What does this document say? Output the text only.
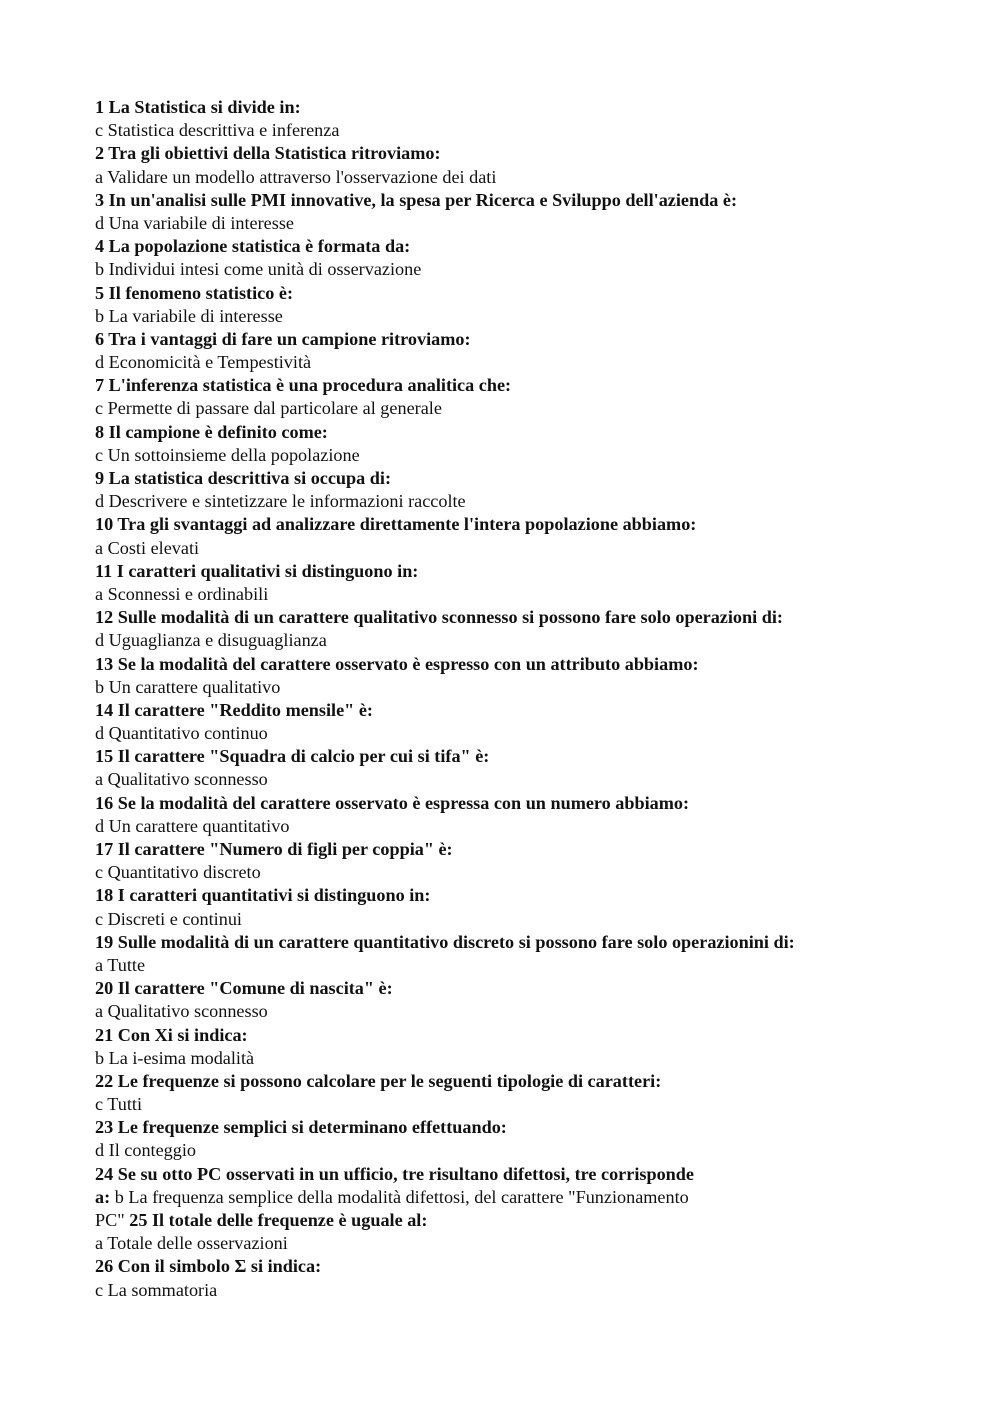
1 La Statistica si divide in:
c Statistica descrittiva e inferenza
2 Tra gli obiettivi della Statistica ritroviamo:
a Validare un modello attraverso l'osservazione dei dati
3 In un'analisi sulle PMI innovative, la spesa per Ricerca e Sviluppo dell'azienda è:
d Una variabile di interesse
4 La popolazione statistica è formata da:
b Individui intesi come unità di osservazione
5 Il fenomeno statistico è:
b La variabile di interesse
6 Tra i vantaggi di fare un campione ritroviamo:
d Economicità e Tempestività
7 L'inferenza statistica è una procedura analitica che:
c Permette di passare dal particolare al generale
8 Il campione è definito come:
c Un sottoinsieme della popolazione
9 La statistica descrittiva si occupa di:
d Descrivere e sintetizzare le informazioni raccolte
10 Tra gli svantaggi ad analizzare direttamente l'intera popolazione abbiamo:
a Costi elevati
11 I caratteri qualitativi si distinguono in:
a Sconnessi e ordinabili
12 Sulle modalità di un carattere qualitativo sconnesso si possono fare solo operazioni di:
d Uguaglianza e disuguaglianza
13 Se la modalità del carattere osservato è espresso con un attributo abbiamo:
b Un carattere qualitativo
14 Il carattere "Reddito mensile" è:
d Quantitativo continuo
15 Il carattere "Squadra di calcio per cui si tifa" è:
a Qualitativo sconnesso
16 Se la modalità del carattere osservato è espressa con un numero abbiamo:
d Un carattere quantitativo
17 Il carattere "Numero di figli per coppia" è:
c Quantitativo discreto
18 I caratteri quantitativi si distinguono in:
c Discreti e continui
19 Sulle modalità di un carattere quantitativo discreto si possono fare solo operazionini di:
a Tutte
20 Il carattere "Comune di nascita" è:
a Qualitativo sconnesso
21 Con Xi si indica:
b La i-esima modalità
22 Le frequenze si possono calcolare per le seguenti tipologie di caratteri:
c Tutti
23 Le frequenze semplici si determinano effettuando:
d Il conteggio
24 Se su otto PC osservati in un ufficio, tre risultano difettosi, tre corrisponde
a: b La frequenza semplice della modalità difettosi, del carattere "Funzionamento
PC" 25 Il totale delle frequenze è uguale al:
a Totale delle osservazioni
26 Con il simbolo Σ si indica:
c La sommatoria
